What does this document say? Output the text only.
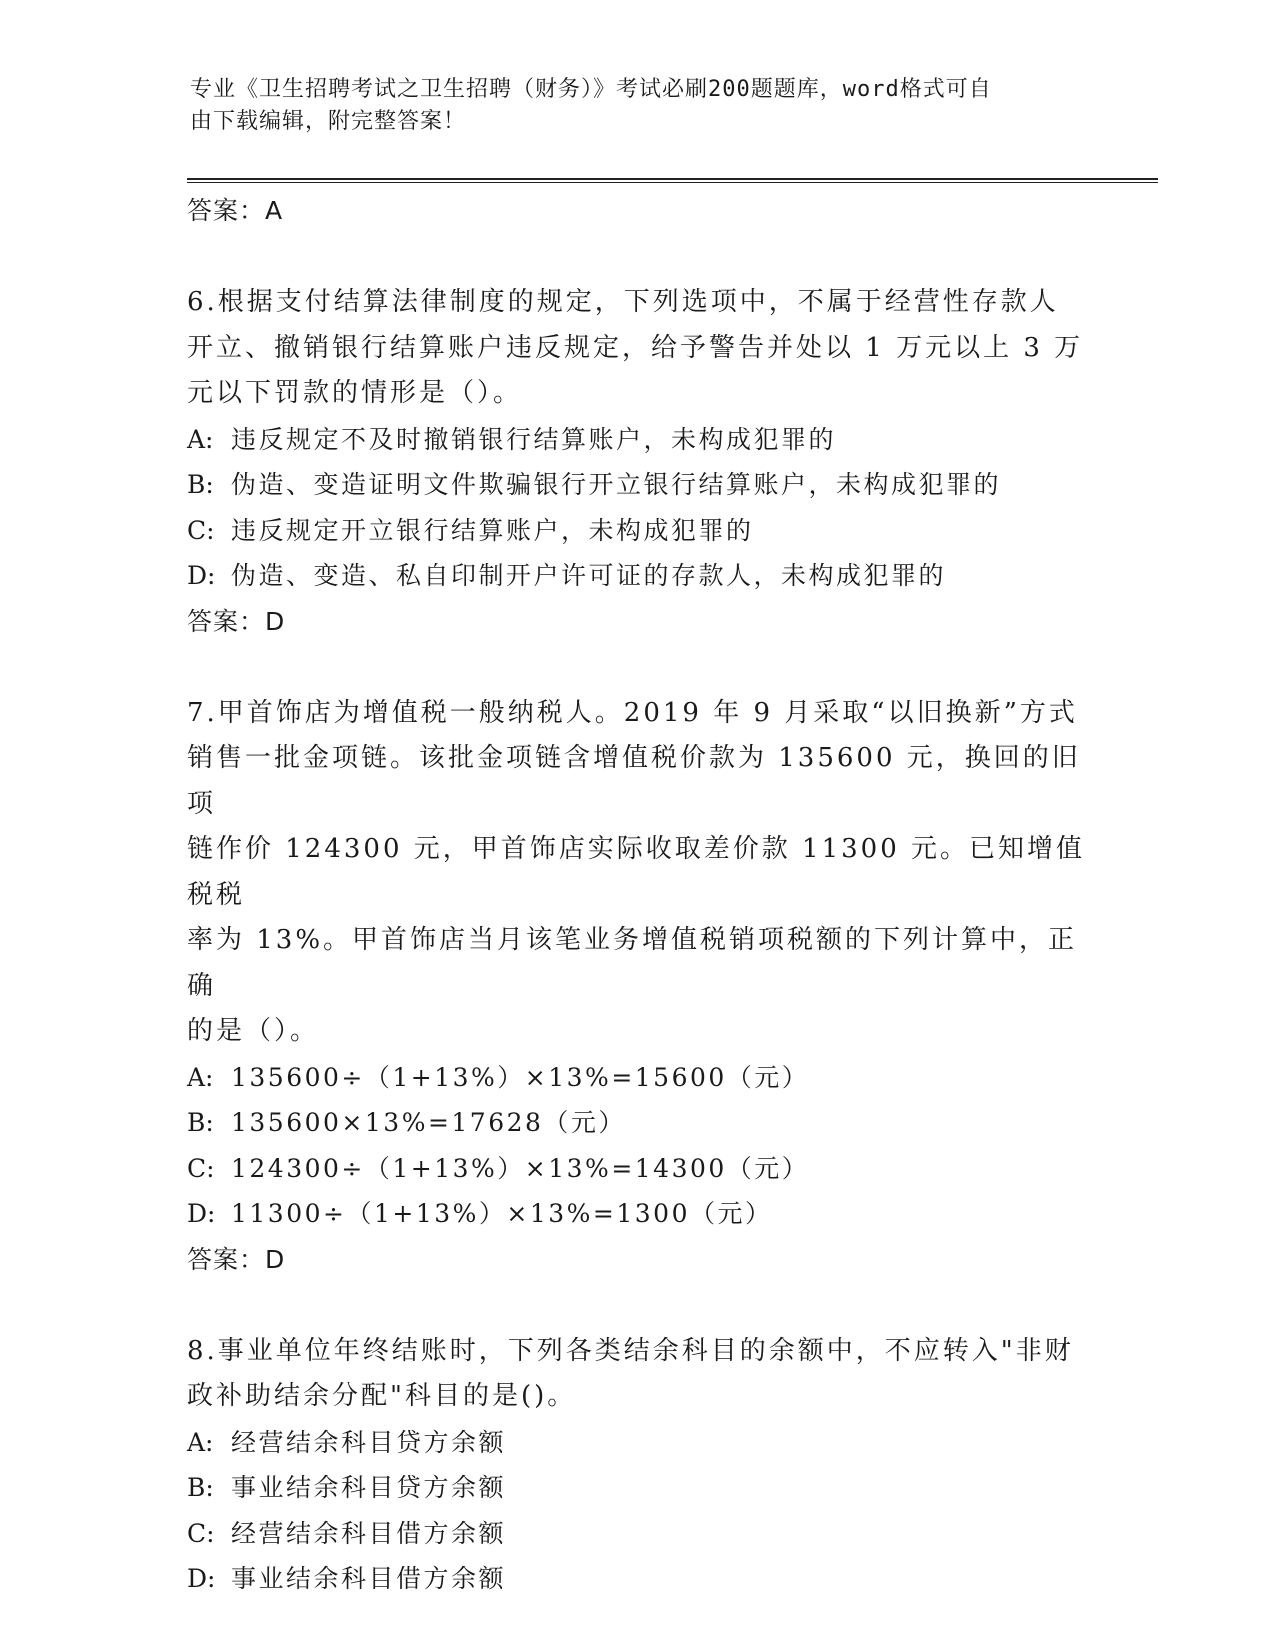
专业《卫生招聘考试之卫生招聘（财务）》考试必刷200题题库，word格式可自
由下载编辑，附完整答案！
答案：A
6.根据支付结算法律制度的规定，下列选项中，不属于经营性存款人
开立、撤销银行结算账户违反规定，给予警告并处以 1 万元以上 3 万
元以下罚款的情形是（）。
A: 违反规定不及时撤销银行结算账户，未构成犯罪的
B: 伪造、变造证明文件欺骗银行开立银行结算账户，未构成犯罪的
C: 违反规定开立银行结算账户，未构成犯罪的
D: 伪造、变造、私自印制开户许可证的存款人，未构成犯罪的
答案：D
7.甲首饰店为增值税一般纳税人。2019 年 9 月采取“以旧换新”方式
销售一批金项链。该批金项链含增值税价款为 135600 元，换回的旧项
链作价 124300 元，甲首饰店实际收取差价款 11300 元。已知增值税税
率为 13%。甲首饰店当月该笔业务增值税销项税额的下列计算中，正确
的是（）。
A: 135600÷（1+13%）×13%=15600（元）
B: 135600×13%=17628（元）
C: 124300÷（1+13%）×13%=14300（元）
D: 11300÷（1+13%）×13%=1300（元）
答案：D
8.事业单位年终结账时，下列各类结余科目的余额中，不应转入"非财
政补助结余分配"科目的是()。
A: 经营结余科目贷方余额
B: 事业结余科目贷方余额
C: 经营结余科目借方余额
D: 事业结余科目借方余额
